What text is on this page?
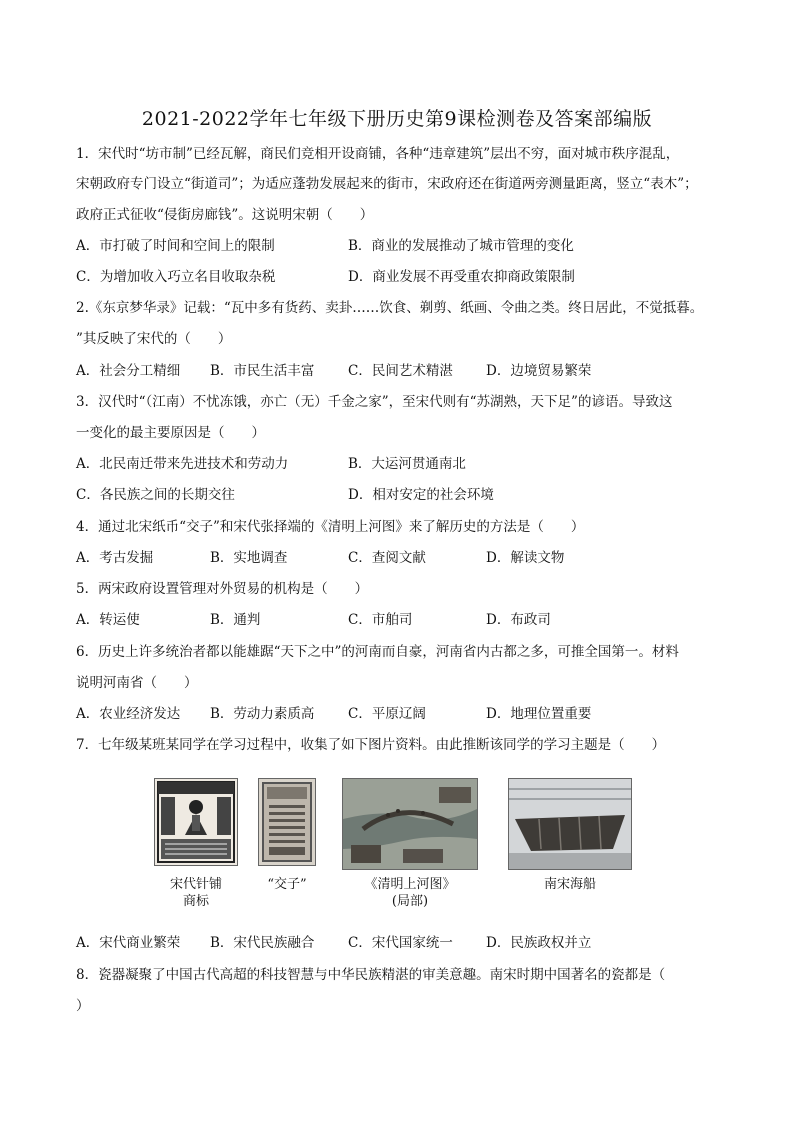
2021-2022学年七年级下册历史第9课检测卷及答案部编版
1．宋代时“坊市制”已经瓦解，商民们竞相开设商铺，各种“违章建筑”层出不穷，面对城市秩序混乱，
宋朝政府专门设立“街道司”；为适应蓬勃发展起来的街市，宋政府还在街道两旁测量距离，竖立“表木”；
政府正式征收“侵街房廊钱”。这说明宋朝（　　）
A．市打破了时间和空间上的限制	B．商业的发展推动了城市管理的变化
C．为增加收入巧立名目收取杂税	D．商业发展不再受重农抑商政策限制
2.《东京梦华录》记载：“瓦中多有货药、卖卦……饮食、剃剪、纸画、令曲之类。终日居此，不觉抵暮。
”其反映了宋代的（　　）
A．社会分工精细 B．市民生活丰富 C．民间艺术精湛 D．边境贸易繁荣
3．汉代时“（江南）不忧冻饿，亦亡（无）千金之家”，至宋代则有“苏湖熟，天下足”的谚语。导致这
一变化的最主要原因是（　　）
A．北民南迁带来先进技术和劳动力	B．大运河贯通南北
C．各民族之间的长期交往	D．相对安定的社会环境
4．通过北宋纸币“交子”和宋代张择端的《清明上河图》来了解历史的方法是（　　）
A．考古发掘	B．实地调查	C．查阅文献	D．解读文物
5．两宋政府设置管理对外贸易的机构是（　　）
A．转运使	B．通判	C．市舶司	D．布政司
6．历史上许多统治者都以能雄踞“天下之中”的河南而自豪，河南省内古都之多，可推全国第一。材料
说明河南省（　　）
A．农业经济发达 B．劳动力素质高 C．平原辽阔	D．地理位置重要
7．七年级某班某同学在学习过程中，收集了如下图片资料。由此推断该同学的学习主题是（　　）
宋代针铺
商标
“交子”	《清明上河图》
(局部)
南宋海船
A．宋代商业繁荣 B．宋代民族融合 C．宋代国家统一 D．民族政权并立
8．瓷器凝聚了中国古代高超的科技智慧与中华民族精湛的审美意趣。南宋时期中国著名的瓷都是（
）
